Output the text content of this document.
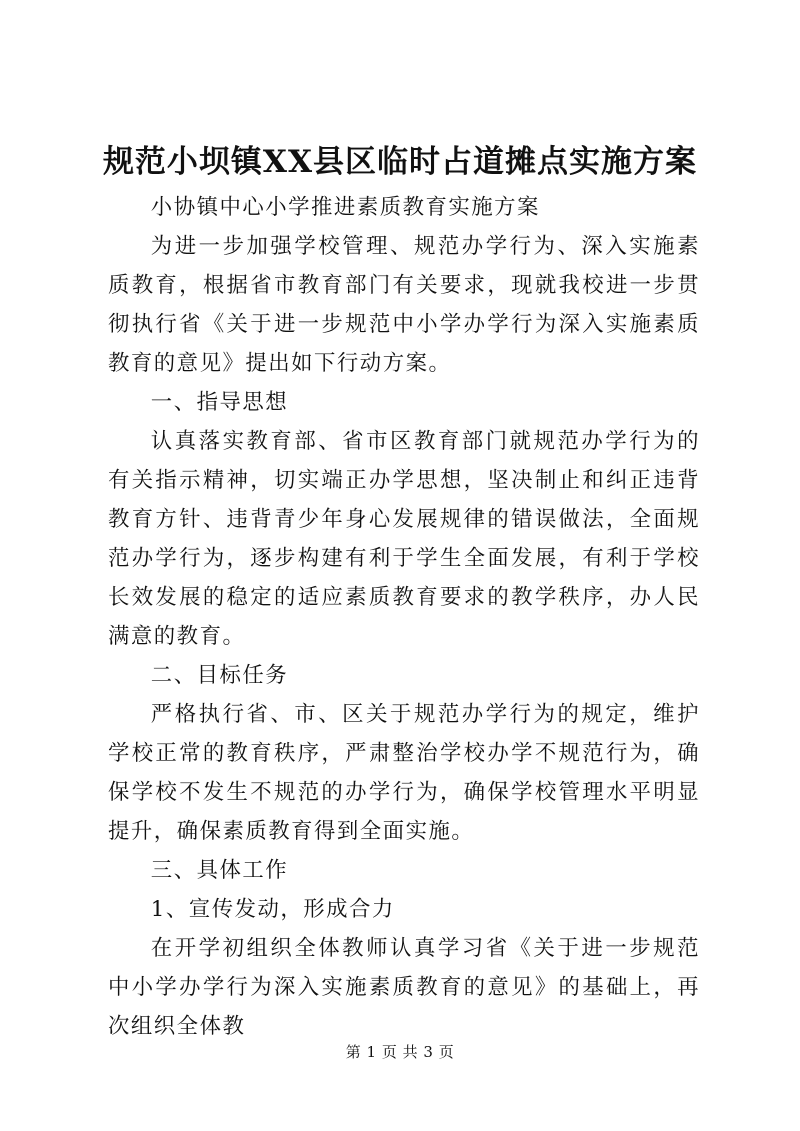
规范小坝镇XX县区临时占道摊点实施方案

小协镇中心小学推进素质教育实施方案

为进一步加强学校管理、规范办学行为、深入实施素质教育，根据省市教育部门有关要求，现就我校进一步贯彻执行省《关于进一步规范中小学办学行为深入实施素质教育的意见》提出如下行动方案。

一、指导思想

认真落实教育部、省市区教育部门就规范办学行为的有关指示精神，切实端正办学思想，坚决制止和纠正违背教育方针、违背青少年身心发展规律的错误做法，全面规范办学行为，逐步构建有利于学生全面发展，有利于学校长效发展的稳定的适应素质教育要求的教学秩序，办人民满意的教育。

二、目标任务

严格执行省、市、区关于规范办学行为的规定，维护学校正常的教育秩序，严肃整治学校办学不规范行为，确保学校不发生不规范的办学行为，确保学校管理水平明显提升，确保素质教育得到全面实施。

三、具体工作

1、宣传发动，形成合力

在开学初组织全体教师认真学习省《关于进一步规范中小学办学行为深入实施素质教育的意见》的基础上，再次组织全体教

第 1 页 共 3 页
